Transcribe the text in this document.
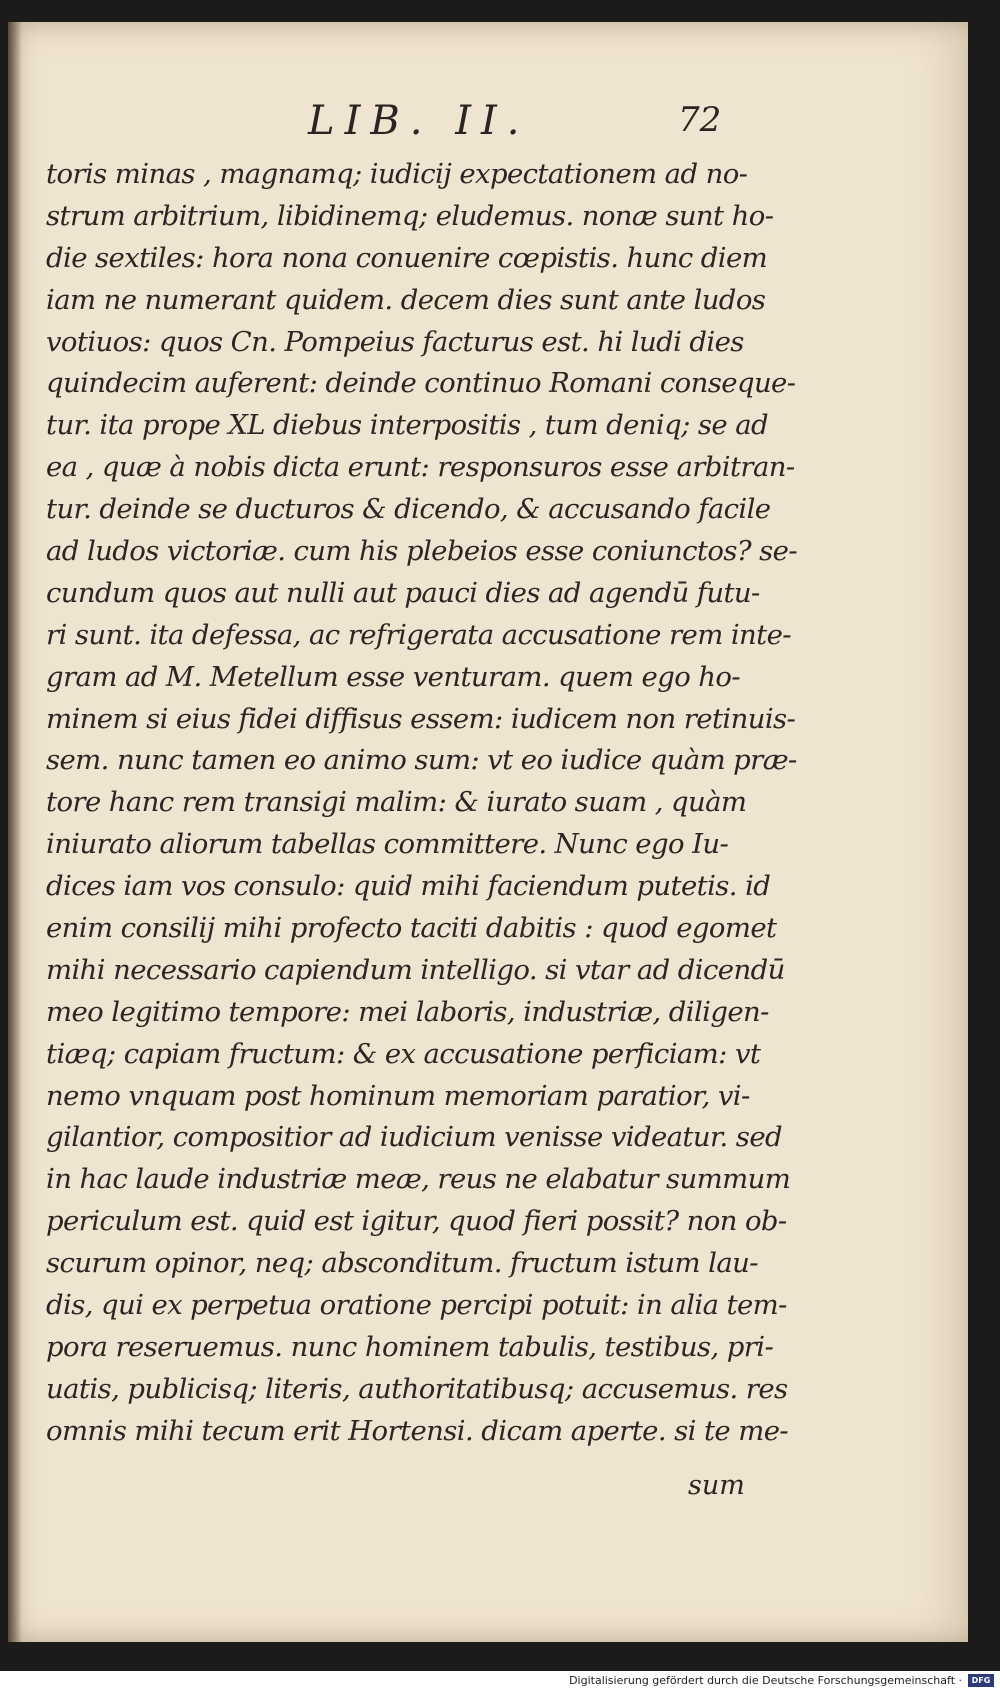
LIB. II.	72
toris minas , magnamq; iudicij expectationem ad no-
strum arbitrium, libidinemq; eludemus. nonæ sunt ho-
die sextiles: hora nona conuenire cœpistis. hunc diem
iam ne numerant quidem. decem dies sunt ante ludos
votiuos: quos Cn. Pompeius facturus est. hi ludi dies
quindecim auferent: deinde continuo Romani conseque-
tur. ita prope XL diebus interpositis , tum deniq; se ad
ea , quæ à nobis dicta erunt: responsuros esse arbitran-
tur. deinde se ducturos & dicendo, & accusando facile
ad ludos victoriæ. cum his plebeios esse coniunctos? se-
cundum quos aut nulli aut pauci dies ad agendū futu-
ri sunt. ita defessa, ac refrigerata accusatione rem inte-
gram ad M. Metellum esse venturam. quem ego ho-
minem si eius fidei diffisus essem: iudicem non retinuis-
sem. nunc tamen eo animo sum: vt eo iudice quàm præ-
tore hanc rem transigi malim: & iurato suam , quàm
iniurato aliorum tabellas committere. Nunc ego Iu-
dices iam vos consulo: quid mihi faciendum putetis. id
enim consilij mihi profecto taciti dabitis : quod egomet
mihi necessario capiendum intelligo. si vtar ad dicendū
meo legitimo tempore: mei laboris, industriæ, diligen-
tiæq; capiam fructum: & ex accusatione perficiam: vt
nemo vnquam post hominum memoriam paratior, vi-
gilantior, compositior ad iudicium venisse videatur. sed
in hac laude industriæ meæ, reus ne elabatur summum
periculum est. quid est igitur, quod fieri possit? non ob-
scurum opinor, neq; absconditum. fructum istum lau-
dis, qui ex perpetua oratione percipi potuit: in alia tem-
pora reseruemus. nunc hominem tabulis, testibus, pri-
uatis, publicisq; literis, authoritatibusq; accusemus. res
omnis mihi tecum erit Hortensi. dicam aperte. si te me-
sum
Digitalisierung gefördert durch die Deutsche Forschungsgemeinschaft ·	DFG
